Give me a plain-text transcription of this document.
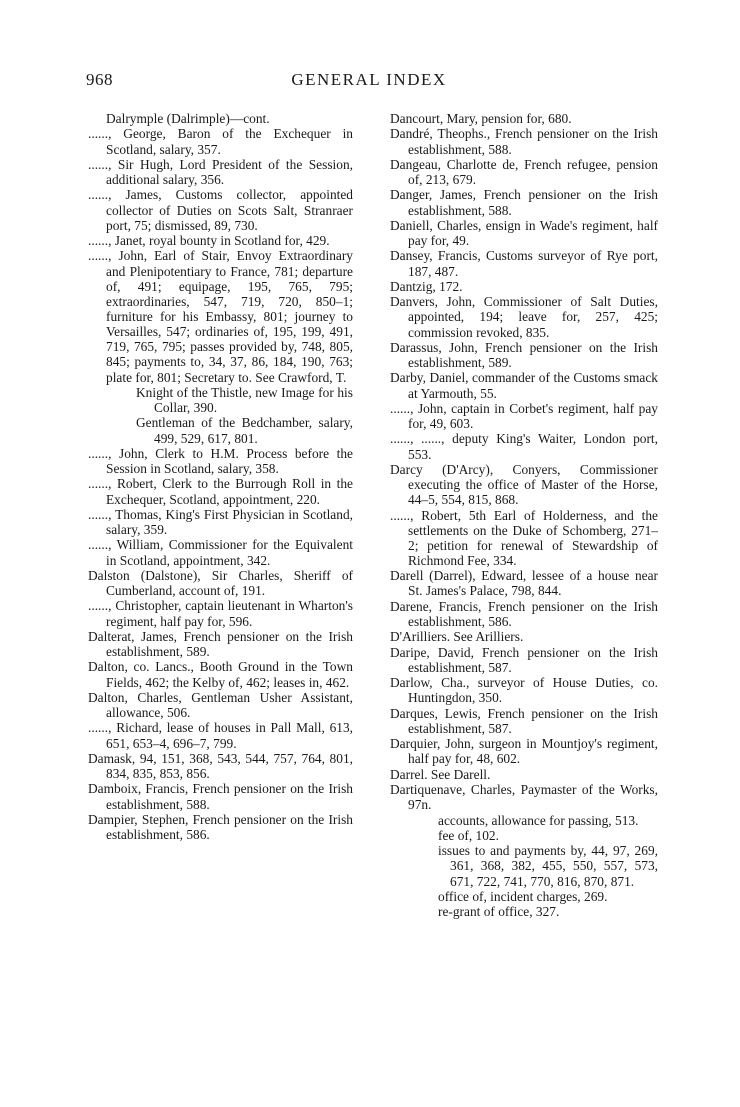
968	GENERAL INDEX

Dalrymple (Dalrimple)—cont.

......, George, Baron of the Exchequer in Scotland, salary, 357.

......, Sir Hugh, Lord President of the Session, additional salary, 356.

......, James, Customs collector, appointed collector of Duties on Scots Salt, Stranraer port, 75; dismissed, 89, 730.

......, Janet, royal bounty in Scotland for, 429.

......, John, Earl of Stair, Envoy Extraordinary and Plenipotentiary to France, 781; departure of, 491; equipage, 195, 765, 795; extraordinaries, 547, 719, 720, 850–1; furniture for his Embassy, 801; journey to Versailles, 547; ordinaries of, 195, 199, 491, 719, 765, 795; passes provided by, 748, 805, 845; payments to, 34, 37, 86, 184, 190, 763; plate for, 801; Secretary to. See Crawford, T.

Knight of the Thistle, new Image for his Collar, 390.

Gentleman of the Bedchamber, salary, 499, 529, 617, 801.

......, John, Clerk to H.M. Process before the Session in Scotland, salary, 358.

......, Robert, Clerk to the Burrough Roll in the Exchequer, Scotland, appointment, 220.

......, Thomas, King's First Physician in Scotland, salary, 359.

......, William, Commissioner for the Equivalent in Scotland, appointment, 342.

Dalston (Dalstone), Sir Charles, Sheriff of Cumberland, account of, 191.

......, Christopher, captain lieutenant in Wharton's regiment, half pay for, 596.

Dalterat, James, French pensioner on the Irish establishment, 589.

Dalton, co. Lancs., Booth Ground in the Town Fields, 462; the Kelby of, 462; leases in, 462.

Dalton, Charles, Gentleman Usher Assistant, allowance, 506.

......, Richard, lease of houses in Pall Mall, 613, 651, 653–4, 696–7, 799.

Damask, 94, 151, 368, 543, 544, 757, 764, 801, 834, 835, 853, 856.

Damboix, Francis, French pensioner on the Irish establishment, 588.

Dampier, Stephen, French pensioner on the Irish establishment, 586.

Dancourt, Mary, pension for, 680.

Dandré, Theophs., French pensioner on the Irish establishment, 588.

Dangeau, Charlotte de, French refugee, pension of, 213, 679.

Danger, James, French pensioner on the Irish establishment, 588.

Daniell, Charles, ensign in Wade's regiment, half pay for, 49.

Dansey, Francis, Customs surveyor of Rye port, 187, 487.

Dantzig, 172.

Danvers, John, Commissioner of Salt Duties, appointed, 194; leave for, 257, 425; commission revoked, 835.

Darassus, John, French pensioner on the Irish establishment, 589.

Darby, Daniel, commander of the Customs smack at Yarmouth, 55.

......, John, captain in Corbet's regiment, half pay for, 49, 603.

......, ......, deputy King's Waiter, London port, 553.

Darcy (D'Arcy), Conyers, Commissioner executing the office of Master of the Horse, 44–5, 554, 815, 868.

......, Robert, 5th Earl of Holderness, and the settlements on the Duke of Schomberg, 271–2; petition for renewal of Stewardship of Richmond Fee, 334.

Darell (Darrel), Edward, lessee of a house near St. James's Palace, 798, 844.

Darene, Francis, French pensioner on the Irish establishment, 586.

D'Arilliers. See Arilliers.

Daripe, David, French pensioner on the Irish establishment, 587.

Darlow, Cha., surveyor of House Duties, co. Huntingdon, 350.

Darques, Lewis, French pensioner on the Irish establishment, 587.

Darquier, John, surgeon in Mountjoy's regiment, half pay for, 48, 602.

Darrel. See Darell.

Dartiquenave, Charles, Paymaster of the Works, 97n.

accounts, allowance for passing, 513.

fee of, 102.

issues to and payments by, 44, 97, 269, 361, 368, 382, 455, 550, 557, 573, 671, 722, 741, 770, 816, 870, 871.

office of, incident charges, 269.

re-grant of office, 327.
